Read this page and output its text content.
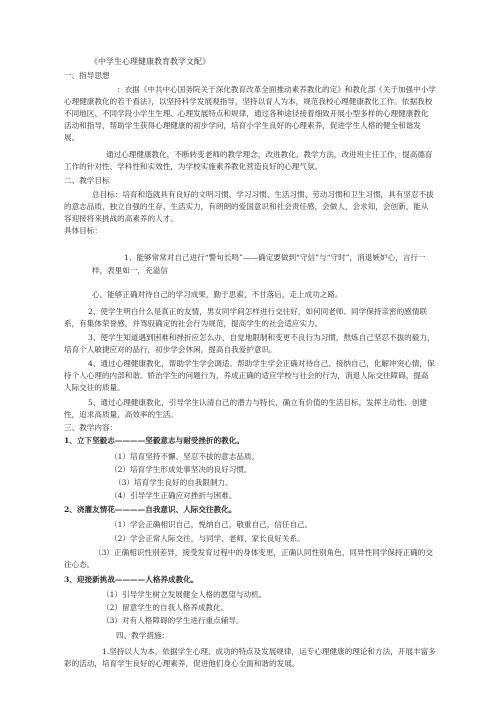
《中学生心理健康教育教学文配》
一、指导思想
：衣据《中共中心国务院关于深化教育改革全面推动素养教化的定》和教化部《关于加强中小学心理健康教化的若干看法》，以坚持科学发展观指导，坚持以育人为本，规范我校心理健康教化工作。依据我校不同地区、不同学段小学生生理、心理发展特点和规律，通过各种途径接着细致开展小型多样的心理健康教化活动和指导，帮助学生获得心理健康的初步学问，培育小学生良好的心理素养，促进学生人格的健全和谐发展。
通过心理健康教化，不断转变老师的教学理念，改进教化、教学方法，改进班主任工作，提高德育工作的针对性、学科性和实效性，为学校实施素养教化营造良好的心理气氛。
二、教学目标
总目标：培育和造就具有良好的文明习惯、学习习惯、生活习惯、劳动习惯和卫生习惯，具有坚忍不拔的意志品质，独立自强的生存、生活实力，有朗朗的爱国意识和社会责任感，会做人，会求知，会创新，能从容迎接将来挑战的高素养的人才。
具体目标：
1、能够常常对自己进行“警句长鸣”——确定要做到“守信”与“守时”，消退嫉妒心，言行一样，表里如一，充溢信
心，能够正确对待自己的学习成果，勤于思索，不甘落后，走上成功之路。
2、使学生明白什么是真正的友情，男女同学间怎样进行交往好，如何同老师、同学保持亲密的感情联系，有集体荣誉感，并驾驭确定的社会行为规范，提高学生的社会适应实力。
3、使学生知道遇到困难和挫折应怎么办，自觉地限制和变更不良行为习惯，熬炼自己坚忍不拔的毅力，培育个人敏捷应对的品行，初步学会休闲，提高自我爱护意识。
4、通过心理健康教化，帮助学生学会调适。帮助学生学会正确对待自己、接纳自己，化解冲突心情，保持个人心理的内部和谐。娇治学生的问题行为，养成正确的适应学校与社会的行为，消退人际交往障碍，提高人际交往的质量。
5、通过心理健康教化，引导学生认清自己的潜力与特长，确立有价值的生活目标，发挥主动性、创建性，追求高质量、高效率的生活。
三、教学内容：
1、立下坚毅志————坚毅意志与耐受挫折的教化。
（1）培育坚持不懈、坚忍不拔的意志品质。
（2）培育学生形成处事坚决的良好习惯。
（3）培育学生良好的自我限制力。
（4）引导学生正确应对挫折与困难。
2、浇灌友情花————自我意识、人际交往教化。
（1）学会正确相识自己，悦纳自己，敬重自己，信任自己。
（2）学会正常人际交往，与同学、老师、家长良好关系。
（3）正确相识性别差异，接受发育过程中的身体变更，正确认同性别角色，同异性同学保持正确的交往心态。
3、迎接新挑战————人格养成教化。
（1）引导学生树立发展健全人格的愿望与动机。
（2）留意学生的自我人格养成教化。
（3）对有人格障碍的学生进行重点辅导。
四、教学措施：
1.坚持以人为本，依据学生心理、成功的特点及发展规律，运专心理健康的理论和方法，开展丰富多彩的活动，培育学生良好的心理素养，促进他们身心全面和谐的发展。
